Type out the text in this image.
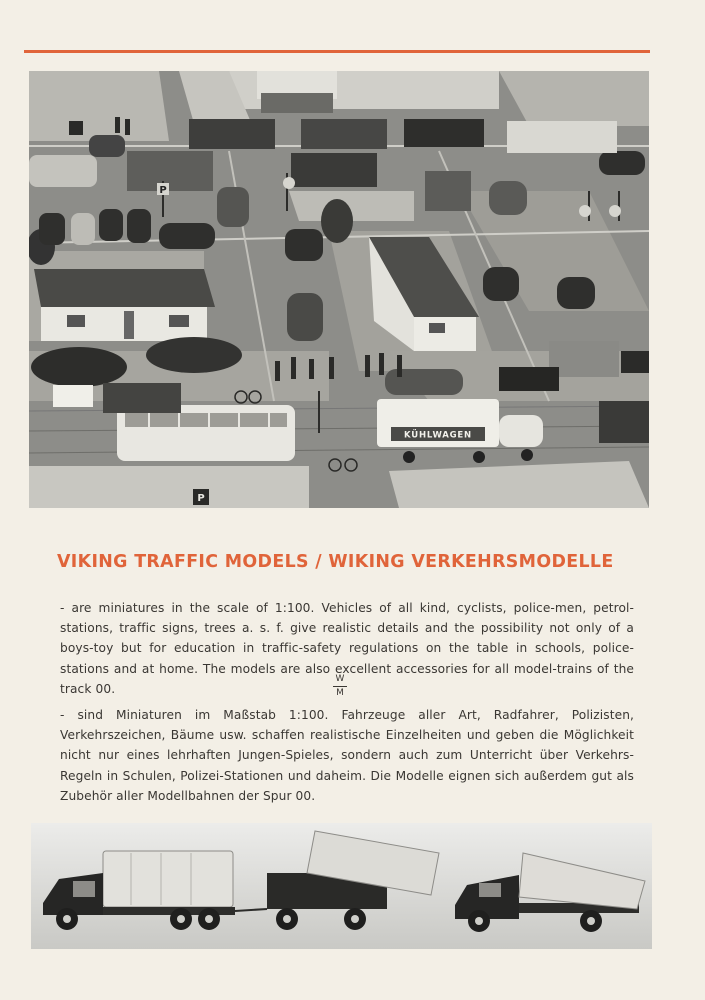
KÜHLWAGEN
P
P
VIKING TRAFFIC MODELS / WIKING VERKEHRSMODELLE
- are miniatures in the scale of 1:100. Vehicles of all kind, cyclists, police-men, petrol-stations, traffic signs, trees a. s. f. give realistic details and the possibility not only of a boys-toy but for education in traffic-safety regulations on the table in schools, police-stations and at home. The models are also excellent accessories for all model-trains of the track 00.
W
M
- sind Miniaturen im Maßstab 1:100. Fahrzeuge aller Art, Radfahrer, Polizisten, Verkehrszeichen, Bäume usw. schaffen realistische Einzelheiten und geben die Möglichkeit nicht nur eines lehrhaften Jungen-Spieles, sondern auch zum Unterricht über Verkehrs-Regeln in Schulen, Polizei-Stationen und daheim. Die Modelle eignen sich außerdem gut als Zubehör aller Modellbahnen der Spur 00.
